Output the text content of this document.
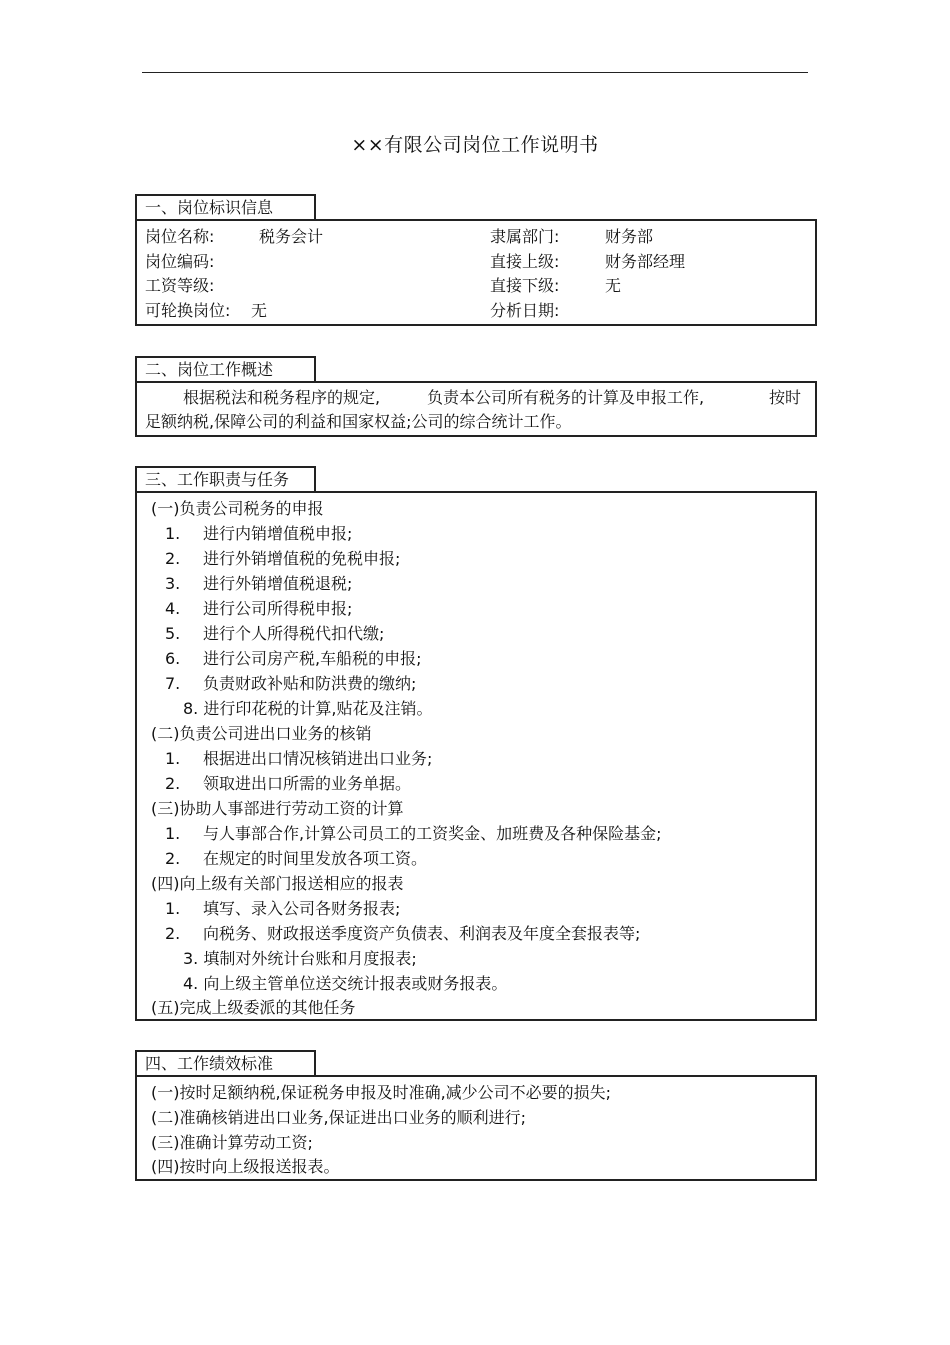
××有限公司岗位工作说明书
一、岗位标识信息
岗位名称:	税务会计
岗位编码:
工资等级:
可轮换岗位: 无
隶属部门:	财务部
直接上级:	财务部经理
直接下级:	无
分析日期:
二、岗位工作概述
根据税法和税务程序的规定,	负责本公司所有税务的计算及申报工作,	按时
足额纳税,保障公司的利益和国家权益;公司的综合统计工作。
三、工作职责与任务
(一)负责公司税务的申报
1. 进行内销增值税申报;
2. 进行外销增值税的免税申报;
3. 进行外销增值税退税;
4. 进行公司所得税申报;
5. 进行个人所得税代扣代缴;
6. 进行公司房产税,车船税的申报;
7. 负责财政补贴和防洪费的缴纳;
8. 进行印花税的计算,贴花及注销。
(二)负责公司进出口业务的核销
1. 根据进出口情况核销进出口业务;
2. 领取进出口所需的业务单据。
(三)协助人事部进行劳动工资的计算
1. 与人事部合作,计算公司员工的工资奖金、加班费及各种保险基金;
2. 在规定的时间里发放各项工资。
(四)向上级有关部门报送相应的报表
1. 填写、录入公司各财务报表;
2. 向税务、财政报送季度资产负债表、利润表及年度全套报表等;
3. 填制对外统计台账和月度报表;
4. 向上级主管单位送交统计报表或财务报表。
(五)完成上级委派的其他任务
四、工作绩效标准
(一)按时足额纳税,保证税务申报及时准确,减少公司不必要的损失;
(二)准确核销进出口业务,保证进出口业务的顺利进行;
(三)准确计算劳动工资;
(四)按时向上级报送报表。
